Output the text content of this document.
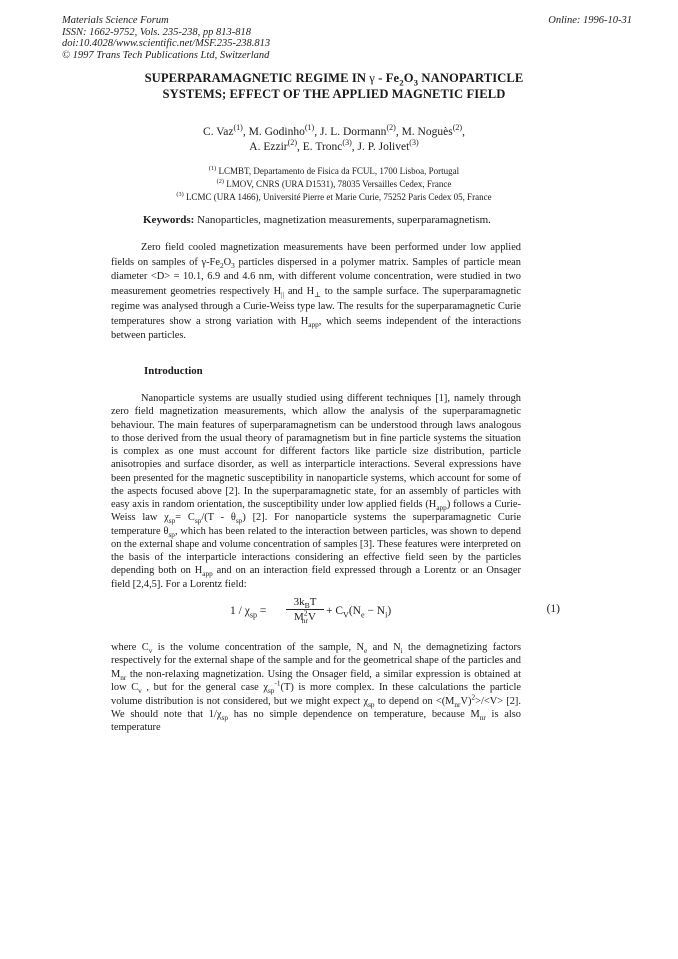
Materials Science Forum
ISSN: 1662-9752, Vols. 235-238, pp 813-818
doi:10.4028/www.scientific.net/MSF.235-238.813
© 1997 Trans Tech Publications Ltd, Switzerland
Online: 1996-10-31
SUPERPARAMAGNETIC REGIME IN γ - $Fe_2O_3$ NANOPARTICLE
SYSTEMS; EFFECT OF THE APPLIED MAGNETIC FIELD
C. Vaz$^{(1)}$, M. Godinho$^{(1)}$, J. L. Dormann$^{(2)}$, M. Noguès$^{(2)}$,
A. Ezzir$^{(2)}$, E. Tronc$^{(3)}$, J. P. Jolivet$^{(3)}$
$^{(1)}$ LCMBT, Departamento de Fisica da FCUL, 1700 Lisboa, Portugal
$^{(2)}$ LMOV, CNRS (URA D1531), 78035 Versailles Cedex, France
$^{(3)}$ LCMC (URA 1466), Université Pierre et Marie Curie, 75252 Paris Cedex 05, France
Keywords: Nanoparticles, magnetization measurements, superparamagnetism.

Zero field cooled magnetization measurements have been performed under low applied fields on samples of $\gamma-Fe_2O_3$ particles dispersed in a polymer matrix. Samples of particle mean diameter <D> = 10.1, 6.9 and 4.6 nm, with different volume concentration, were studied in two measurement geometries respectively $H_{||}$ and $H_\perp$ to the sample surface. The superparamagnetic regime was analysed through a Curie-Weiss type law. The results for the superparamagnetic Curie temperatures show a strong variation with $H_{app}$, which seems independent of the interactions between particles.

Introduction

Nanoparticle systems are usually studied using different techniques [1], namely through zero field magnetization measurements, which allow the analysis of the superparamagnetic behaviour. The main features of superparamagnetism can be understood through laws analogous to those derived from the usual theory of paramagnetism but in fine particle systems the situation is complex as one must account for different factors like particle size distribution, particle anisotropies and surface disorder, as well as interparticle interactions. Several expressions have been presented for the magnetic susceptibility in nanoparticle systems, which account for some of the aspects focused above [2]. In the superparamagnetic state, for an assembly of particles with easy axis in random orientation, the susceptibility under low applied fields $(H_{app})$ follows a Curie-Weiss law $\chi_{sp}= C_{sp}/(T - \theta_{sp})$ [2]. For nanoparticle systems the superparamagnetic Curie temperature $\theta_{sp}$, which has been related to the interaction between particles, was shown to depend on the external shape and volume concentration of samples [3]. These features were interpreted on the basis of the interparticle interactions considering an effective field seen by the particles depending both on $H_{app}$ and on an interaction field expressed through a Lorentz or an Onsager field [2,4,5]. For a Lorentz field:

$1 / \chi_{sp}$ =
$3k_BT$
$M^2_{nr}V + C_V(N_e - N_i)$	(1)

where $C_v$ is the volume concentration of the sample, $N_e$ and $N_i$ the demagnetizing factors respectively for the external shape of the sample and for the geometrical shape of the particles and $M_{nr}$ the non-relaxing magnetization. Using the Onsager field, a similar expression is obtained at low $C_v$ , but for the general case $\chi_{sp}^{-1}(T)$ is more complex. In these calculations the particle volume distribution is not considered, but we might expect $\chi_{sp}$ to depend on $<(M_{nr}V)^2>/<V> [2]$. We should note that $1/\chi_{sp}$ has no simple dependence on temperature, because $M_{nr}$ is also temperature
